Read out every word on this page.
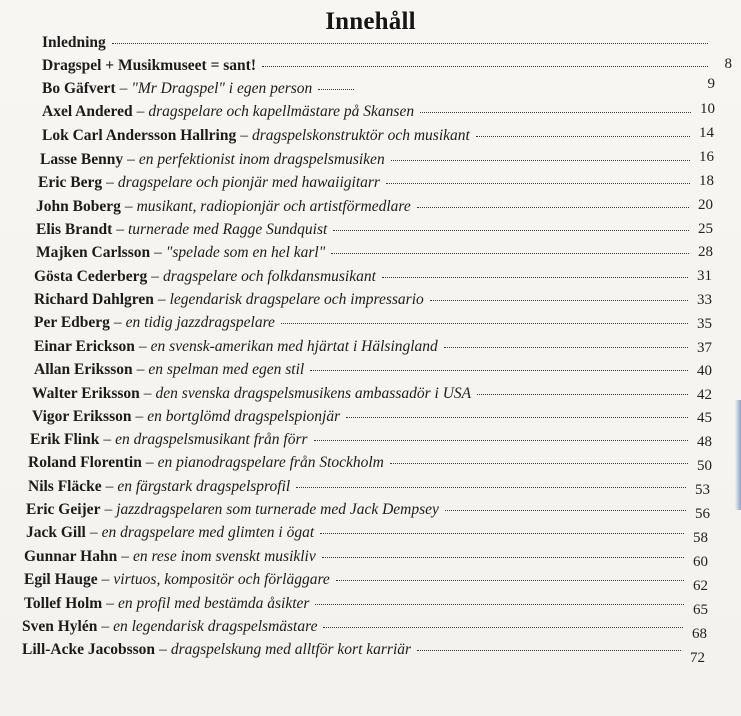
Innehåll
Inledning
Dragspel + Musikmuseet = sant!	8
Bo Gäfvert – "Mr Dragspel" i egen person	9
Axel Andered – dragspelare och kapellmästare på Skansen	10
Lok Carl Andersson Hallring – dragspelskonstruktör och musikant	14
Lasse Benny – en perfektionist inom dragspelsmusiken	16
Eric Berg – dragspelare och pionjär med hawaiigitarr	18
John Boberg – musikant, radiopionjär och artistförmedlare	20
Elis Brandt – turnerade med Ragge Sundquist	25
Majken Carlsson – "spelade som en hel karl"	28
Gösta Cederberg – dragspelare och folkdansmusikant	31
Richard Dahlgren – legendarisk dragspelare och impressario	33
Per Edberg – en tidig jazzdragspelare	35
Einar Erickson – en svensk-amerikan med hjärtat i Hälsingland	37
Allan Eriksson – en spelman med egen stil	40
Walter Eriksson – den svenska dragspelsmusikens ambassadör i USA	42
Vigor Eriksson – en bortglömd dragspelspionjär	45
Erik Flink – en dragspelsmusikant från förr	48
Roland Florentin – en pianodragspelare från Stockholm	50
Nils Fläcke – en färgstark dragspelsprofil	53
Eric Geijer – jazzdragspelaren som turnerade med Jack Dempsey	56
Jack Gill – en dragspelare med glimten i ögat	58
Gunnar Hahn – en rese inom svenskt musikliv	60
Egil Hauge – virtuos, kompositör och förläggare	62
Tollef Holm – en profil med bestämda åsikter	65
Sven Hylén – en legendarisk dragspelsmästare	68
Lill-Acke Jacobsson – dragspelskung med alltför kort karriär	72
